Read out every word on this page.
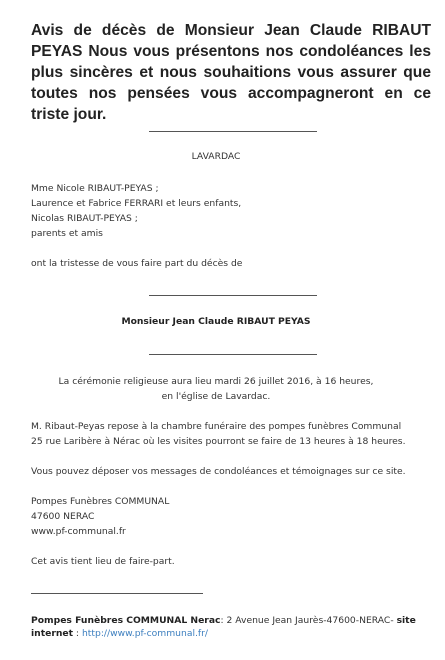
Avis de décès de Monsieur Jean Claude RIBAUT PEYAS Nous vous présentons nos condoléances les plus sincères et nous souhaitions vous assurer que toutes nos pensées vous accompagneront en ce triste jour.

LAVARDAC
Mme Nicole RIBAUT-PEYAS ;
Laurence et Fabrice FERRARI et leurs enfants,
Nicolas RIBAUT-PEYAS ;
parents et amis
ont la tristesse de vous faire part du décès de
Monsieur Jean Claude RIBAUT PEYAS
La cérémonie religieuse aura lieu mardi 26 juillet 2016, à 16 heures,
en l'église de Lavardac.
M. Ribaut-Peyas repose à la chambre funéraire des pompes funèbres Communal
25 rue Laribère à Nérac où les visites pourront se faire de 13 heures à 18 heures.
Vous pouvez déposer vos messages de condoléances et témoignages sur ce site.
Pompes Funèbres COMMUNAL
47600 NERAC
www.pf-communal.fr
Cet avis tient lieu de faire-part.
Pompes Funèbres COMMUNAL Nerac: 2 Avenue Jean Jaurès-47600-NERAC- site internet : http://www.pf-communal.fr/
